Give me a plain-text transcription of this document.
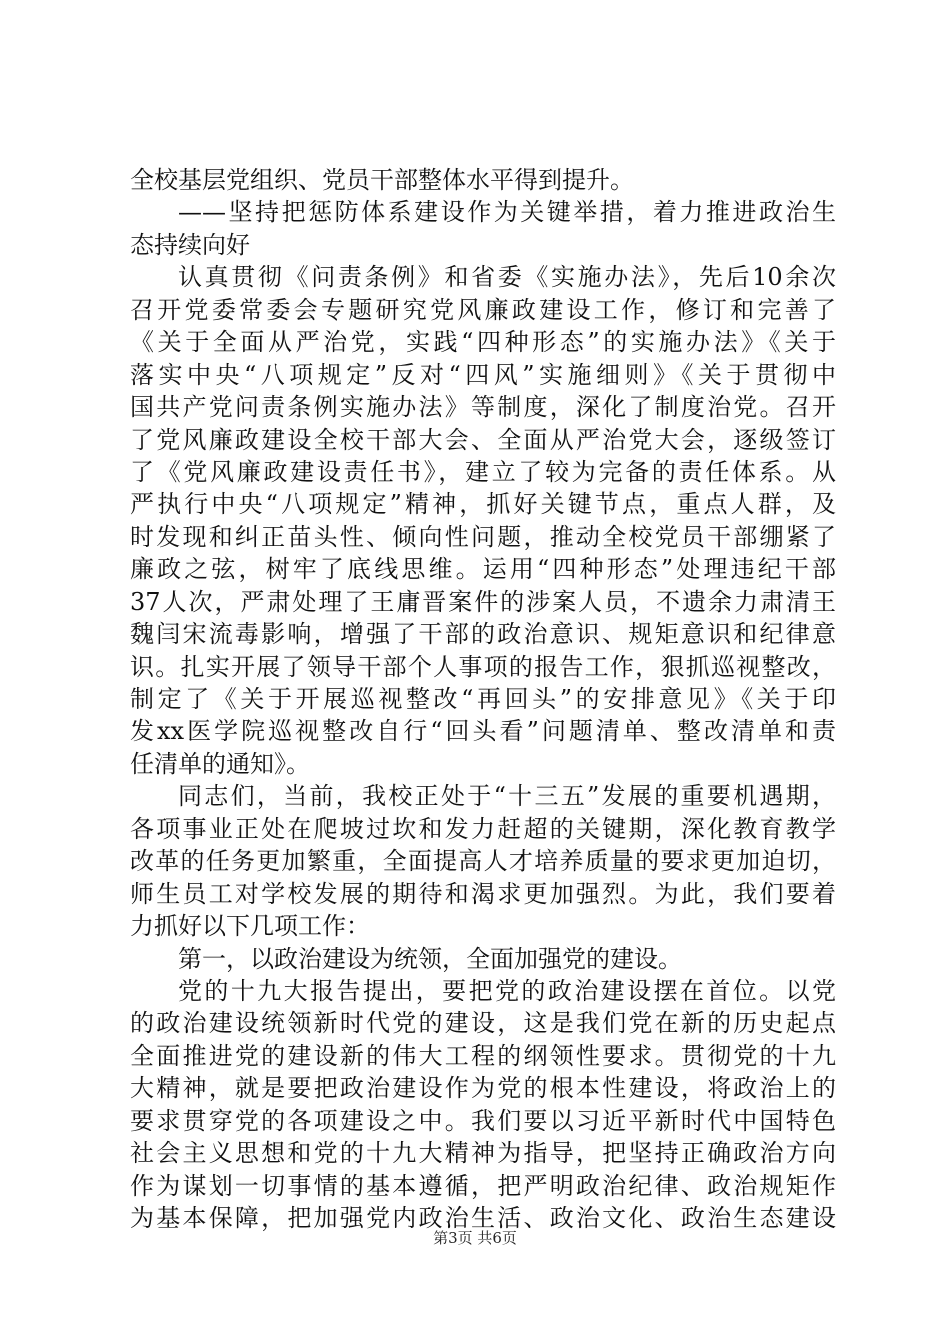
全校基层党组织、党员干部整体水平得到提升。
——坚持把惩防体系建设作为关键举措，着力推进政治生
态持续向好
认真贯彻《问责条例》和省委《实施办法》，先后10余次
召开党委常委会专题研究党风廉政建设工作，修订和完善了
《关于全面从严治党，实践“四种形态”的实施办法》《关于
落实中央“八项规定”反对“四风”实施细则》《关于贯彻中
国共产党问责条例实施办法》等制度，深化了制度治党。召开
了党风廉政建设全校干部大会、全面从严治党大会，逐级签订
了《党风廉政建设责任书》，建立了较为完备的责任体系。从
严执行中央“八项规定”精神，抓好关键节点，重点人群，及
时发现和纠正苗头性、倾向性问题，推动全校党员干部绷紧了
廉政之弦，树牢了底线思维。运用“四种形态”处理违纪干部
37人次，严肃处理了王庸晋案件的涉案人员，不遗余力肃清王
魏闫宋流毒影响，增强了干部的政治意识、规矩意识和纪律意
识。扎实开展了领导干部个人事项的报告工作，狠抓巡视整改，
制定了《关于开展巡视整改“再回头”的安排意见》《关于印
发xx医学院巡视整改自行“回头看”问题清单、整改清单和责
任清单的通知》。
同志们，当前，我校正处于“十三五”发展的重要机遇期，
各项事业正处在爬坡过坎和发力赶超的关键期，深化教育教学
改革的任务更加繁重，全面提高人才培养质量的要求更加迫切，
师生员工对学校发展的期待和渴求更加强烈。为此，我们要着
力抓好以下几项工作：
第一，以政治建设为统领，全面加强党的建设。
党的十九大报告提出，要把党的政治建设摆在首位。以党
的政治建设统领新时代党的建设，这是我们党在新的历史起点
全面推进党的建设新的伟大工程的纲领性要求。贯彻党的十九
大精神，就是要把政治建设作为党的根本性建设，将政治上的
要求贯穿党的各项建设之中。我们要以习近平新时代中国特色
社会主义思想和党的十九大精神为指导，把坚持正确政治方向
作为谋划一切事情的基本遵循，把严明政治纪律、政治规矩作
为基本保障，把加强党内政治生活、政治文化、政治生态建设
第3页 共6页
